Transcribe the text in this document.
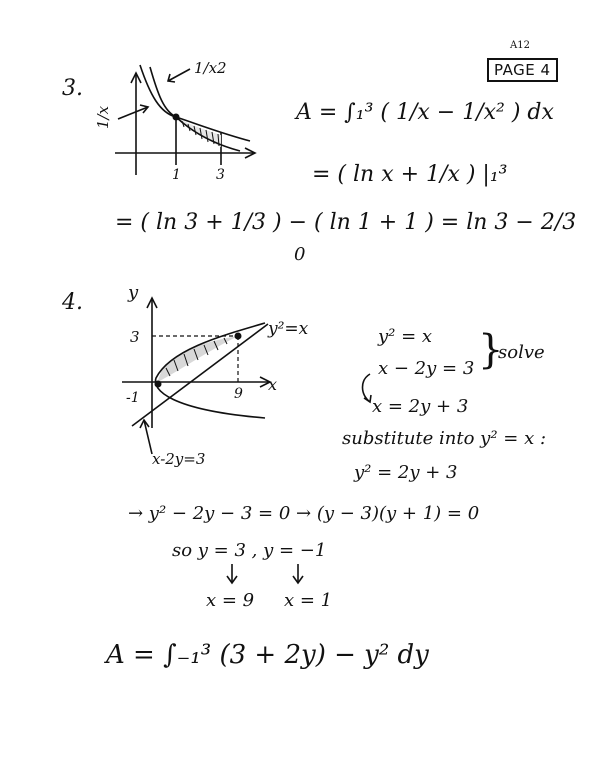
A12
PAGE 4
3.
1/x2
1/x
1	3
A = ∫₁³ ( 1/x − 1/x² ) dx
= ( ln x + 1/x ) |₁³
= ( ln 3 + 1/3 ) − ( ln 1 + 1 ) = ln 3 − 2/3
0
4.	y
x
y²=x
3
-1	9
x-2y=3
y² = x
x − 2y = 3 }
solve
x = 2y + 3
substitute into y² = x :
y² = 2y + 3
→ y² − 2y − 3 = 0 → (y − 3)(y + 1) = 0
so y = 3 , y = −1
x = 9 x = 1
A = ∫₋₁³ (3 + 2y) − y² dy
